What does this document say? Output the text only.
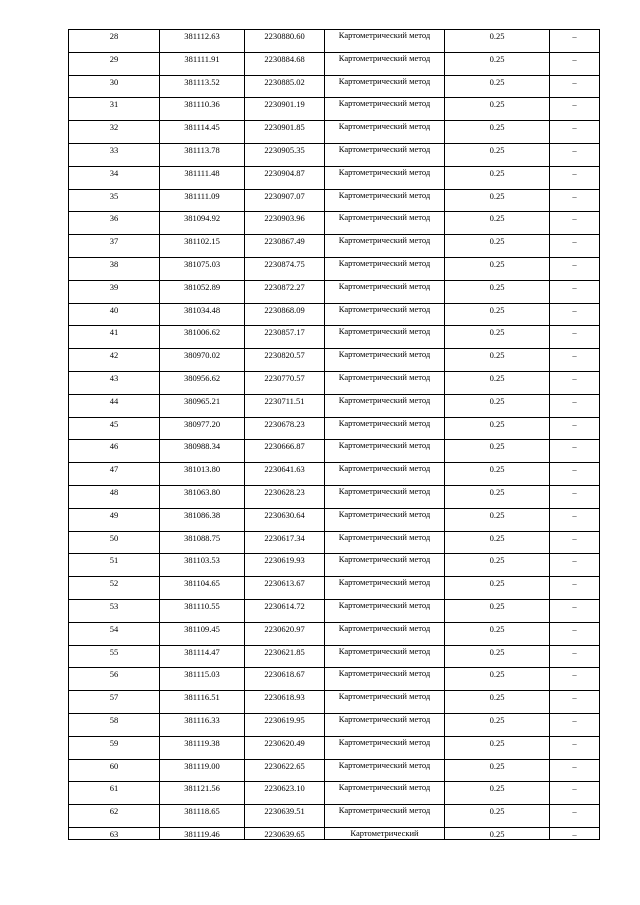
28	381112.63	2230880.60	Картометрический метод	0.25	–

29	381111.91	2230884.68	Картометрический метод	0.25	–

30	381113.52	2230885.02	Картометрический метод	0.25	–

31	381110.36	2230901.19	Картометрический метод	0.25	–

32	381114.45	2230901.85	Картометрический метод	0.25	–

33	381113.78	2230905.35	Картометрический метод	0.25	–

34	381111.48	2230904.87	Картометрический метод	0.25	–

35	381111.09	2230907.07	Картометрический метод	0.25	–

36	381094.92	2230903.96	Картометрический метод	0.25	–

37	381102.15	2230867.49	Картометрический метод	0.25	–

38	381075.03	2230874.75	Картометрический метод	0.25	–

39	381052.89	2230872.27	Картометрический метод	0.25	–

40	381034.48	2230868.09	Картометрический метод	0.25	–

41	381006.62	2230857.17	Картометрический метод	0.25	–

42	380970.02	2230820.57	Картометрический метод	0.25	–

43	380956.62	2230770.57	Картометрический метод	0.25	–

44	380965.21	2230711.51	Картометрический метод	0.25	–

45	380977.20	2230678.23	Картометрический метод	0.25	–

46	380988.34	2230666.87	Картометрический метод	0.25	–

47	381013.80	2230641.63	Картометрический метод	0.25	–

48	381063.80	2230628.23	Картометрический метод	0.25	–

49	381086.38	2230630.64	Картометрический метод	0.25	–

50	381088.75	2230617.34	Картометрический метод	0.25	–

51	381103.53	2230619.93	Картометрический метод	0.25	–

52	381104.65	2230613.67	Картометрический метод	0.25	–

53	381110.55	2230614.72	Картометрический метод	0.25	–

54	381109.45	2230620.97	Картометрический метод	0.25	–

55	381114.47	2230621.85	Картометрический метод	0.25	–

56	381115.03	2230618.67	Картометрический метод	0.25	–

57	381116.51	2230618.93	Картометрический метод	0.25	–

58	381116.33	2230619.95	Картометрический метод	0.25	–

59	381119.38	2230620.49	Картометрический метод	0.25	–

60	381119.00	2230622.65	Картометрический метод	0.25	–

61	381121.56	2230623.10	Картометрический метод	0.25	–

62	381118.65	2230639.51	Картометрический метод	0.25	–

63	381119.46	2230639.65	Картометрический	0.25	–
